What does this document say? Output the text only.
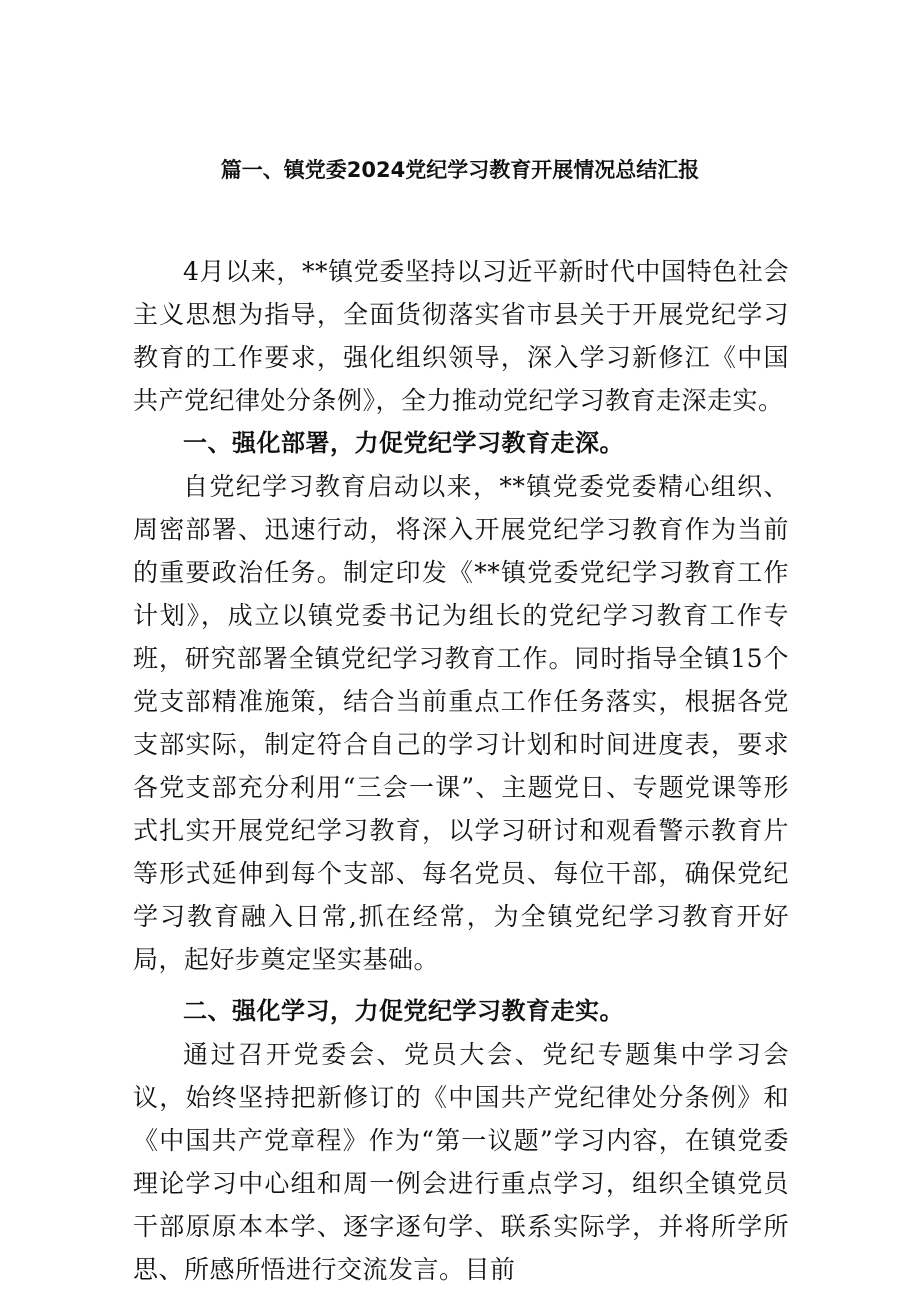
篇一、镇党委2024党纪学习教育开展情况总结汇报

4月以来，**镇党委坚持以习近平新时代中国特色社会主义思想为指导，全面货彻落实省市县关于开展党纪学习教育的工作要求，强化组织领导，深入学习新修江《中国共产党纪律处分条例》，全力推动党纪学习教育走深走实。

一、强化部署，力促党纪学习教育走深。

自党纪学习教育启动以来，**镇党委党委精心组织、周密部署、迅速行动，将深入开展党纪学习教育作为当前的重要政治任务。制定印发《**镇党委党纪学习教育工作计划》，成立以镇党委书记为组长的党纪学习教育工作专班，研究部署全镇党纪学习教育工作。同时指导全镇15个党支部精准施策，结合当前重点工作任务落实，根据各党支部实际，制定符合自己的学习计划和时间进度表，要求各党支部充分利用“三会一课”、主题党日、专题党课等形式扎实开展党纪学习教育，以学习研讨和观看警示教育片等形式延伸到每个支部、每名党员、每位干部，确保党纪学习教育融入日常,抓在经常，为全镇党纪学习教育开好局，起好步奠定坚实基础。

二、强化学习，力促党纪学习教育走实。

通过召开党委会、党员大会、党纪专题集中学习会议，始终坚持把新修订的《中国共产党纪律处分条例》和《中国共产党章程》作为“第一议题”学习内容，在镇党委理论学习中心组和周一例会进行重点学习，组织全镇党员干部原原本本学、逐字逐句学、联系实际学，并将所学所思、所感所悟进行交流发言。目前
